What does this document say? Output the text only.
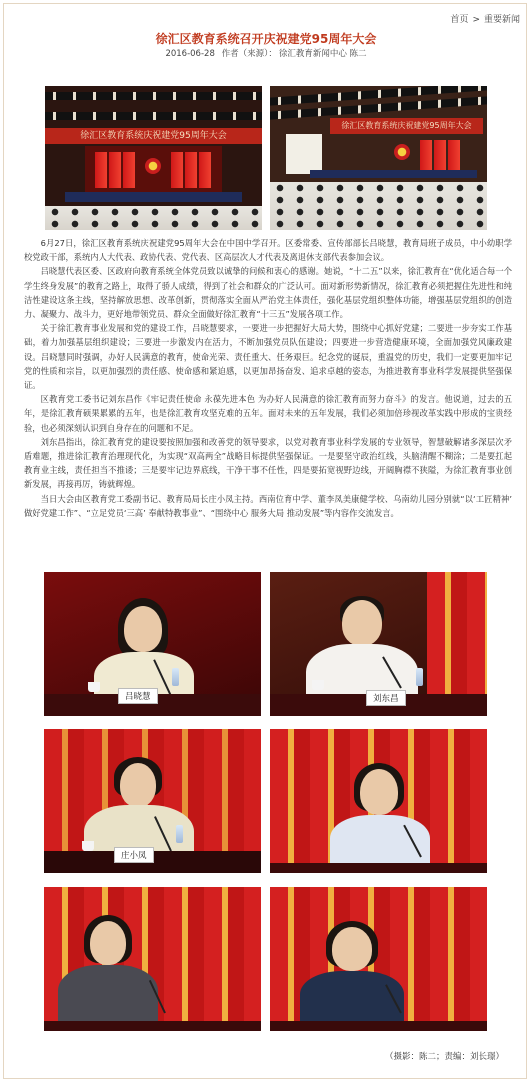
首页 > 重要新闻
徐汇区教育系统召开庆祝建党95周年大会
2016-06-28 作者（来源）： 徐汇教育新闻中心 陈二
徐汇区教育系统庆祝建党95周年大会
徐汇区教育系统庆祝建党95周年大会

6月27日，徐汇区教育系统庆祝建党95周年大会在中国中学召开。区委常委、宣传部部长吕晓慧，教育局班子成员，中小幼职学校党政干部，系统内人大代表、政协代表、党代表、区高层次人才代表及离退休支部代表参加会议。

吕晓慧代表区委、区政府向教育系统全体党员致以诚挚的问候和衷心的感谢。她说，“十二五”以来，徐汇教育在“优化适合每一个学生终身发展”的教育之路上，取得了骄人成绩，得到了社会和群众的广泛认可。面对新形势新情况，徐汇教育必须把握住先进性和纯洁性建设这条主线，坚持解放思想、改革创新，贯彻落实全面从严治党主体责任，强化基层党组织整体功能，增强基层党组织的创造力、凝聚力、战斗力，更好地带领党员、群众全面做好徐汇教育“十三五”发展各项工作。

关于徐汇教育事业发展和党的建设工作，吕晓慧要求，一要进一步把握好大局大势，围绕中心抓好党建；二要进一步夯实工作基础，着力加强基层组织建设；三要进一步激发内在活力，不断加强党员队伍建设；四要进一步营造健康环境，全面加强党风廉政建设。吕晓慧同时强调，办好人民满意的教育，使命光荣、责任重大、任务艰巨。纪念党的诞辰，重温党的历史，我们一定要更加牢记党的性质和宗旨，以更加强烈的责任感、使命感和紧迫感，以更加昂扬奋发、追求卓越的姿态，为推进教育事业科学发展提供坚强保证。

区教育党工委书记刘东昌作《牢记责任使命 永葆先进本色 为办好人民满意的徐汇教育而努力奋斗》的发言。他说道，过去的五年，是徐汇教育硕果累累的五年，也是徐汇教育攻坚克难的五年。面对未来的五年发展，我们必须加倍珍视改革实践中形成的宝贵经验，也必须深刻认识到自身存在的问题和不足。

刘东昌指出，徐汇教育党的建设要按照加强和改善党的领导要求，以党对教育事业科学发展的专业领导，智慧破解诸多深层次矛盾难题，推进徐汇教育治理现代化，为实现“双高两全”战略目标提供坚强保证。一是要坚守政治红线，头脑清醒不糊涂；二是要扛起教育业主线，责任担当不推诿；三是要牢记边界底线，干净干事不任性，四是要拓宽视野边线，开阔胸襟不狭隘，为徐汇教育事业创新发展，再接再厉，铸就辉煌。

当日大会由区教育党工委副书记、教育局局长庄小凤主持。西南位育中学、董李凤美康健学校、乌南幼儿园分别就“以‘工匠精神’ 做好党建工作”、“立足党员‘三高’ 奉献特教事业”、“围绕中心 服务大局 推动发展”等内容作交流发言。

吕晓慧	刘东昌
庄小凤
（摄影：陈二；责编：刘长璟）
